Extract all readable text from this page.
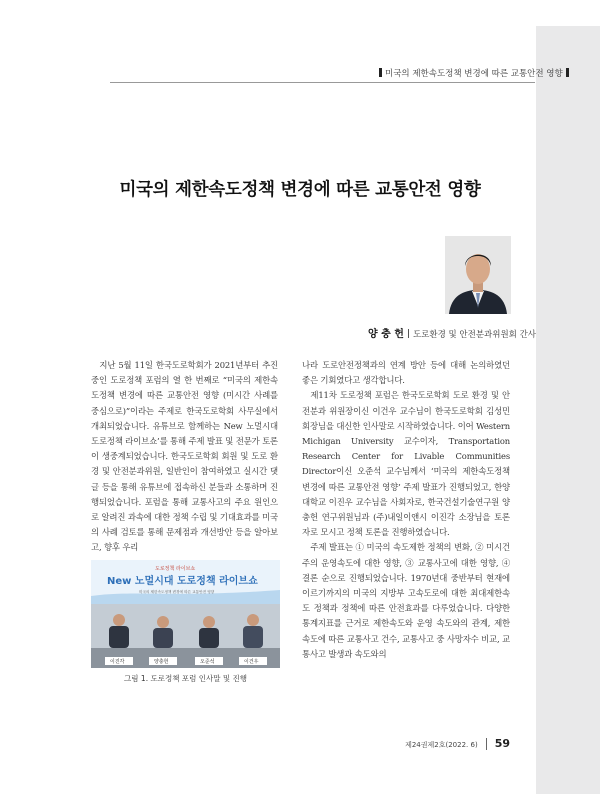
미국의 제한속도정책 변경에 따른 교통안전 영향
미국의 제한속도정책 변경에 따른 교통안전 영향
양 충 헌 도로환경 및 안전분과위원회 간사

지난 5월 11일 한국도로학회가 2021년부터 추진 중인 도로정책 포럼의 열 한 번째로 “미국의 제한속도정책 변경에 따른 교통안전 영향 (미시간 사례를 중심으로)”이라는 주제로 한국도로학회 사무실에서 개최되었습니다. 유튜브로 함께하는 New 노멀시대 도로정책 라이브쇼’를 통해 주제 발표 및 전문가 토론이 생중계되었습니다. 한국도로학회 회원 및 도로 환경 및 안전분과위원, 일반인이 참여하였고 실시간 댓글 등을 통해 유튜브에 접속하신 분들과 소통하며 진행되었습니다. 포럼을 통해 교통사고의 주요 원인으로 알려진 과속에 대한 정책 수립 및 기대효과를 미국의 사례 검토를 통해 문제점과 개선방안 등을 알아보고, 향후 우리

나라 도로안전정책과의 연계 방안 등에 대해 논의하였던 좋은 기회였다고 생각합니다.

제11차 도로정책 포럼은 한국도로학회 도로 환경 및 안전분과 위원장이신 이건우 교수님이 한국도로학회 김성민 회장님을 대신한 인사말로 시작하였습니다. 이어 Western Michigan University 교수이자, Transportation Research Center for Livable Communities Director이신 오준석 교수님께서 ‘미국의 제한속도정책 변경에 따른 교통안전 영향’ 주제 발표가 진행되었고, 한양대학교 이진우 교수님을 사회자로, 한국건설기술연구원 양충헌 연구위원님과 (주)내일이앤시 이진각 소장님을 토론자로 모시고 정책 토론을 진행하였습니다.

주제 발표는 ① 미국의 속도제한 정책의 변화, ② 미시건 주의 운영속도에 대한 영향, ③ 교통사고에 대한 영향, ④ 결론 순으로 진행되었습니다. 1970년대 중반부터 현재에 이르기까지의 미국의 지방부 고속도로에 대한 최대제한속도 정책과 정책에 따른 안전효과를 다루었습니다. 다양한 통계지표를 근거로 제한속도와 운영 속도와의 관계, 제한속도에 따른 교통사고 건수, 교통사고 중 사망자수 비교, 교통사고 발생과 속도와의

도로정책 라이브쇼
New 노멀시대 도로정책 라이브쇼
미국의 제한속도정책 변경에 따른 교통안전 영향
이진각	양충헌	오준석	이건우
그림 1. 도로정책 포럼 인사말 및 진행
제24권제2호(2022. 6) 59
